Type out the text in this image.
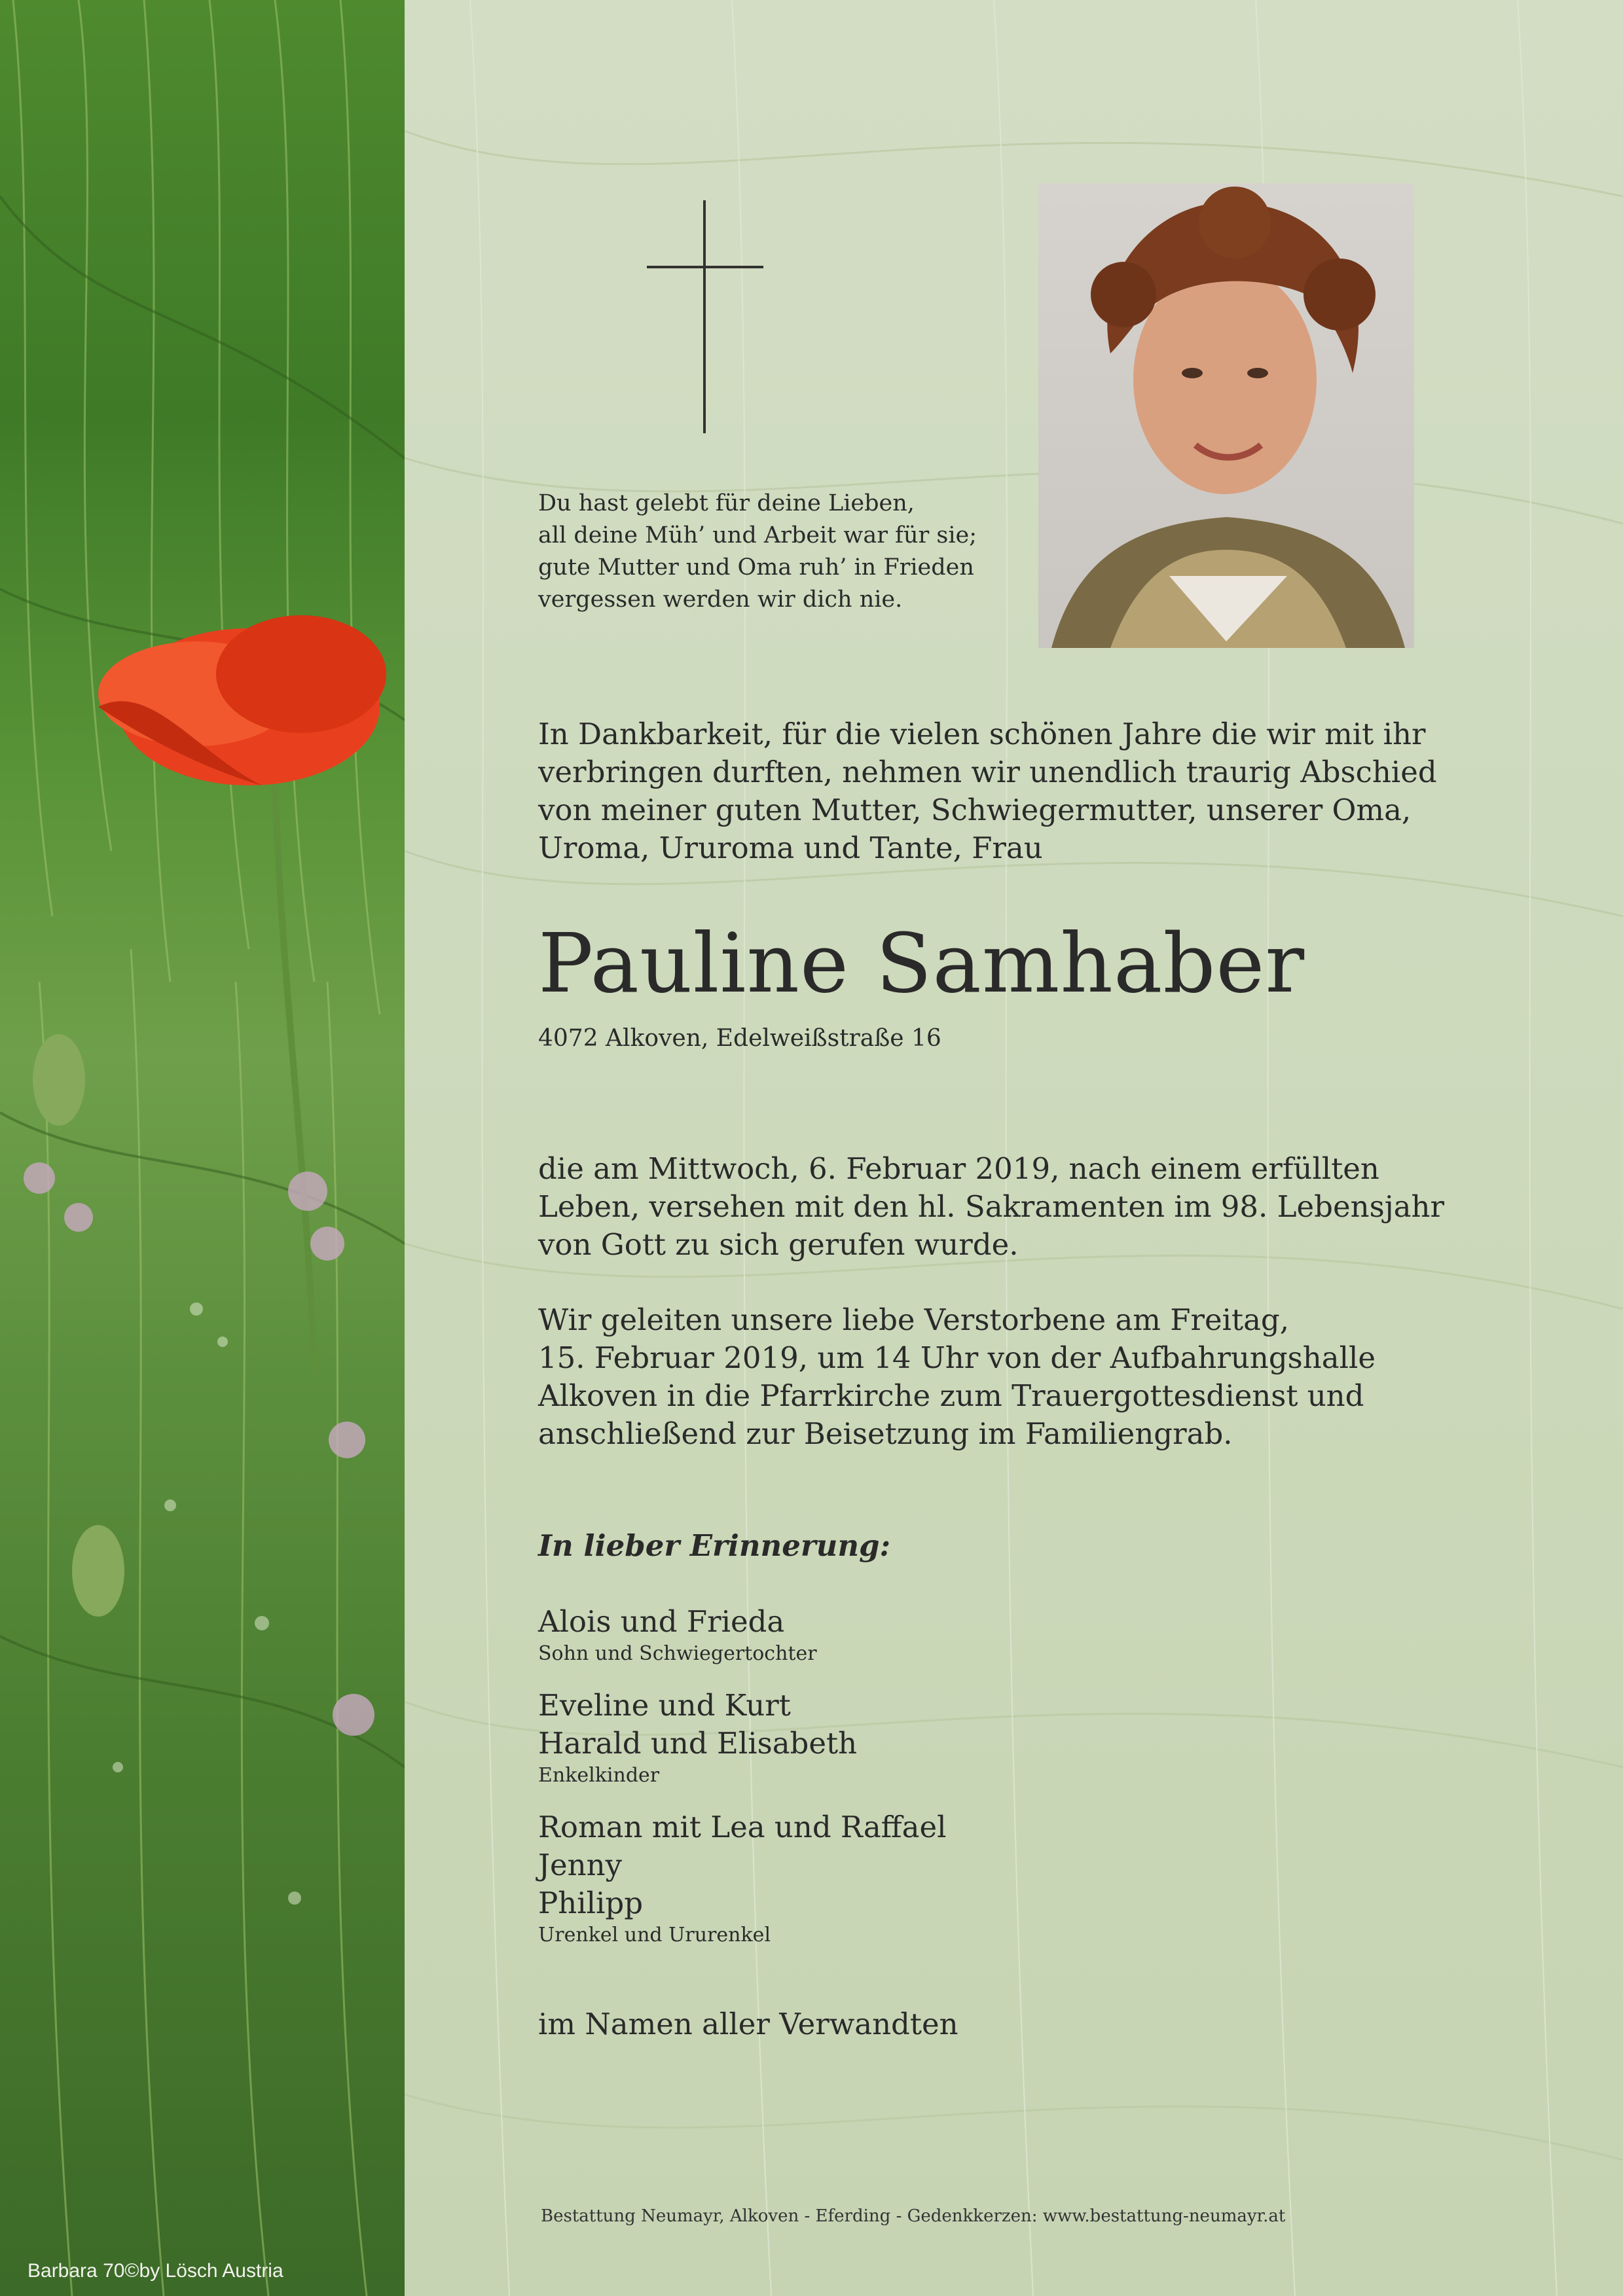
Du hast gelebt für deine Lieben,
all deine Müh’ und Arbeit war für sie;
gute Mutter und Oma ruh’ in Frieden
vergessen werden wir dich nie.
In Dankbarkeit, für die vielen schönen Jahre die wir mit ihr
verbringen durften, nehmen wir unendlich traurig Abschied
von meiner guten Mutter, Schwiegermutter, unserer Oma,
Uroma, Ururoma und Tante, Frau
Pauline Samhaber
4072 Alkoven, Edelweißstraße 16
die am Mittwoch, 6. Februar 2019, nach einem erfüllten
Leben, versehen mit den hl. Sakramenten im 98. Lebensjahr
von Gott zu sich gerufen wurde.
Wir geleiten unsere liebe Verstorbene am Freitag,
15. Februar 2019, um 14 Uhr von der Aufbahrungshalle
Alkoven in die Pfarrkirche zum Trauergottesdienst und
anschließend zur Beisetzung im Familiengrab.
In lieber Erinnerung:
Alois und Frieda
Sohn und Schwiegertochter
Eveline und Kurt
Harald und Elisabeth
Enkelkinder
Roman mit Lea und Raffael
Jenny
Philipp
Urenkel und Ururenkel
im Namen aller Verwandten
Bestattung Neumayr, Alkoven - Eferding - Gedenkkerzen: www.bestattung-neumayr.at
Barbara 70©by Lösch Austria
